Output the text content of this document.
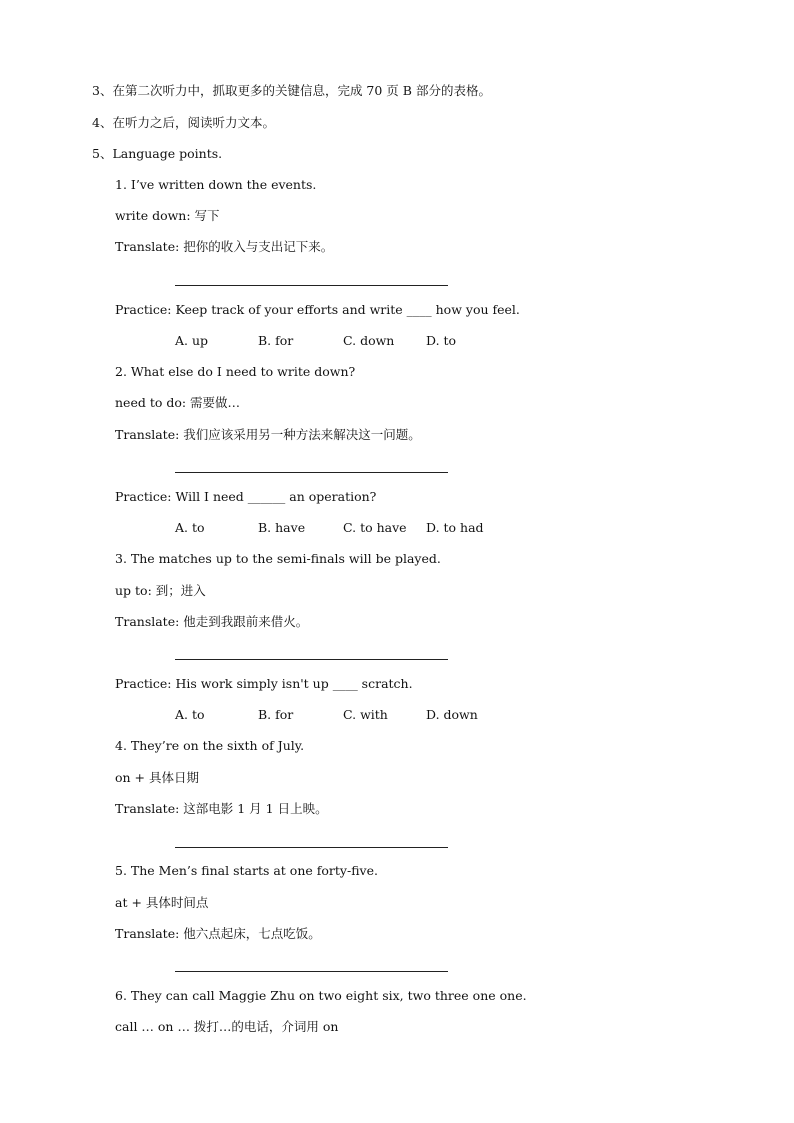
3、在第二次听力中，抓取更多的关键信息，完成 70 页 B 部分的表格。
4、在听力之后，阅读听力文本。
5、Language points.
1. I’ve written down the events.
write down: 写下
Translate: 把你的收入与支出记下来。
Practice: Keep track of your efforts and write ____ how you feel.
A. up	B. for	C. down	D. to
2. What else do I need to write down?
need to do: 需要做…
Translate: 我们应该采用另一种方法来解决这一问题。
Practice: Will I need ______ an operation?
A. to	B. have	C. to have D. to had
3. The matches up to the semi-finals will be played.
up to: 到；进入
Translate: 他走到我跟前来借火。
Practice: His work simply isn't up ____ scratch.
A. to	B. for	C. with	D. down
4. They’re on the sixth of July.
on + 具体日期
Translate: 这部电影 1 月 1 日上映。
5. The Men’s final starts at one forty-five.
at + 具体时间点
Translate: 他六点起床，七点吃饭。
6. They can call Maggie Zhu on two eight six, two three one one.
call … on … 拨打…的电话，介词用 on
